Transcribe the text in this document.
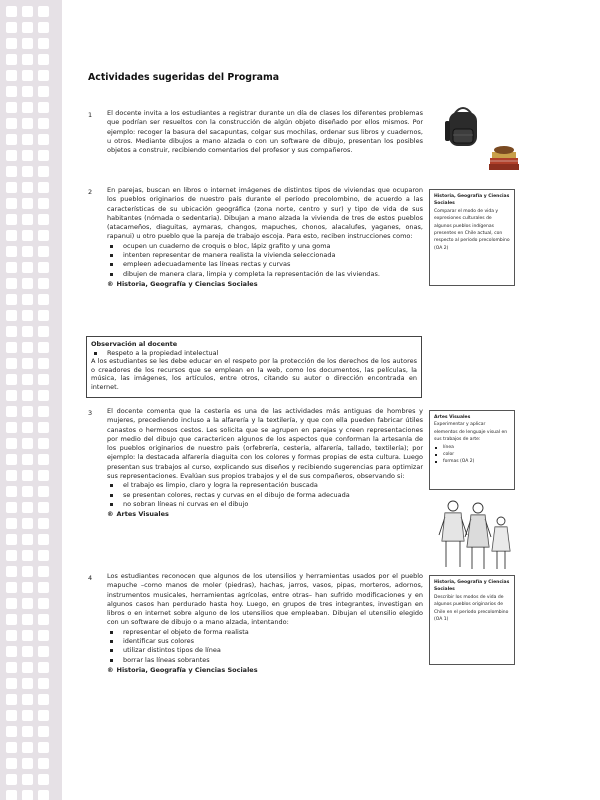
Actividades sugeridas del Programa
1 El docente invita a los estudiantes a registrar durante un día de clases los diferentes problemas que podrían ser resueltos con la construcción de algún objeto diseñado por ellos mismos. Por ejemplo: recoger la basura del sacapuntas, colgar sus mochilas, ordenar sus libros y cuadernos, u otros. Mediante dibujos a mano alzada o con un software de dibujo, presentan los posibles objetos a construir, recibiendo comentarios del profesor y sus compañeros.

2 En parejas, buscan en libros o internet imágenes de distintos tipos de viviendas que ocuparon los pueblos originarios de nuestro país durante el período precolombino, de acuerdo a las características de su ubicación geográfica (zona norte, centro y sur) y tipo de vida de sus habitantes (nómada o sedentaria). Dibujan a mano alzada la vivienda de tres de estos pueblos (atacameños, diaguitas, aymaras, changos, mapuches, chonos, alacalufes, yaganes, onas, rapanui) u otro pueblo que la pareja de trabajo escoja. Para esto, reciben instrucciones como:

ocupen un cuaderno de croquis o bloc, lápiz grafito y una goma
intenten representar de manera realista la vivienda seleccionada
empleen adecuadamente las líneas rectas y curvas
dibujen de manera clara, limpia y completa la representación de las viviendas.
® Historia, Geografía y Ciencias Sociales
Historia, Geografía y Ciencias Sociales
Comparar el modo de vida y expresiones culturales de algunos pueblos indígenas presentes en Chile actual, con respecto al período precolombino (OA 2)
Observación al docente
Respeto a la propiedad intelectual
A los estudiantes se les debe educar en el respeto por la protección de los derechos de los autores o creadores de los recursos que se emplean en la web, como los documentos, las películas, la música, las imágenes, los artículos, entre otros, citando su autor o dirección encontrada en internet.
3 El docente comenta que la cestería es una de las actividades más antiguas de hombres y mujeres, precediendo incluso a la alfarería y la textilería, y que con ella pueden fabricar útiles canastos o hermosos cestos. Les solicita que se agrupen en parejas y creen representaciones por medio del dibujo que caractericen algunos de los aspectos que conforman la artesanía de los pueblos originarios de nuestro país (orfebrería, cestería, alfarería, tallado, textilería); por ejemplo: la destacada alfarería diaguita con los colores y formas propias de esta cultura. Luego presentan sus trabajos al curso, explicando sus diseños y recibiendo sugerencias para optimizar sus representaciones. Evalúan sus propios trabajos y el de sus compañeros, observando si:

el trabajo es limpio, claro y logra la representación buscada
se presentan colores, rectas y curvas en el dibujo de forma adecuada
no sobran líneas ni curvas en el dibujo
® Artes Visuales
Artes Visuales
Experimentar y aplicar elementos de lenguaje visual en sus trabajos de arte:
línea
color
formas (OA 2)
4 Los estudiantes reconocen que algunos de los utensilios y herramientas usados por el pueblo mapuche –como manos de moler (piedras), hachas, jarros, vasos, pipas, morteros, adornos, instrumentos musicales, herramientas agrícolas, entre otras– han sufrido modificaciones y en algunos casos han perdurado hasta hoy. Luego, en grupos de tres integrantes, investigan en libros o en internet sobre alguno de los utensilios que empleaban. Dibujan el utensilio elegido con un software de dibujo o a mano alzada, intentando:

representar el objeto de forma realista
identificar sus colores
utilizar distintos tipos de línea
borrar las líneas sobrantes
® Historia, Geografía y Ciencias Sociales
Historia, Geografía y Ciencias Sociales
Describir los modos de vida de algunos pueblos originarios de Chile en el período precolombino (OA 1)
